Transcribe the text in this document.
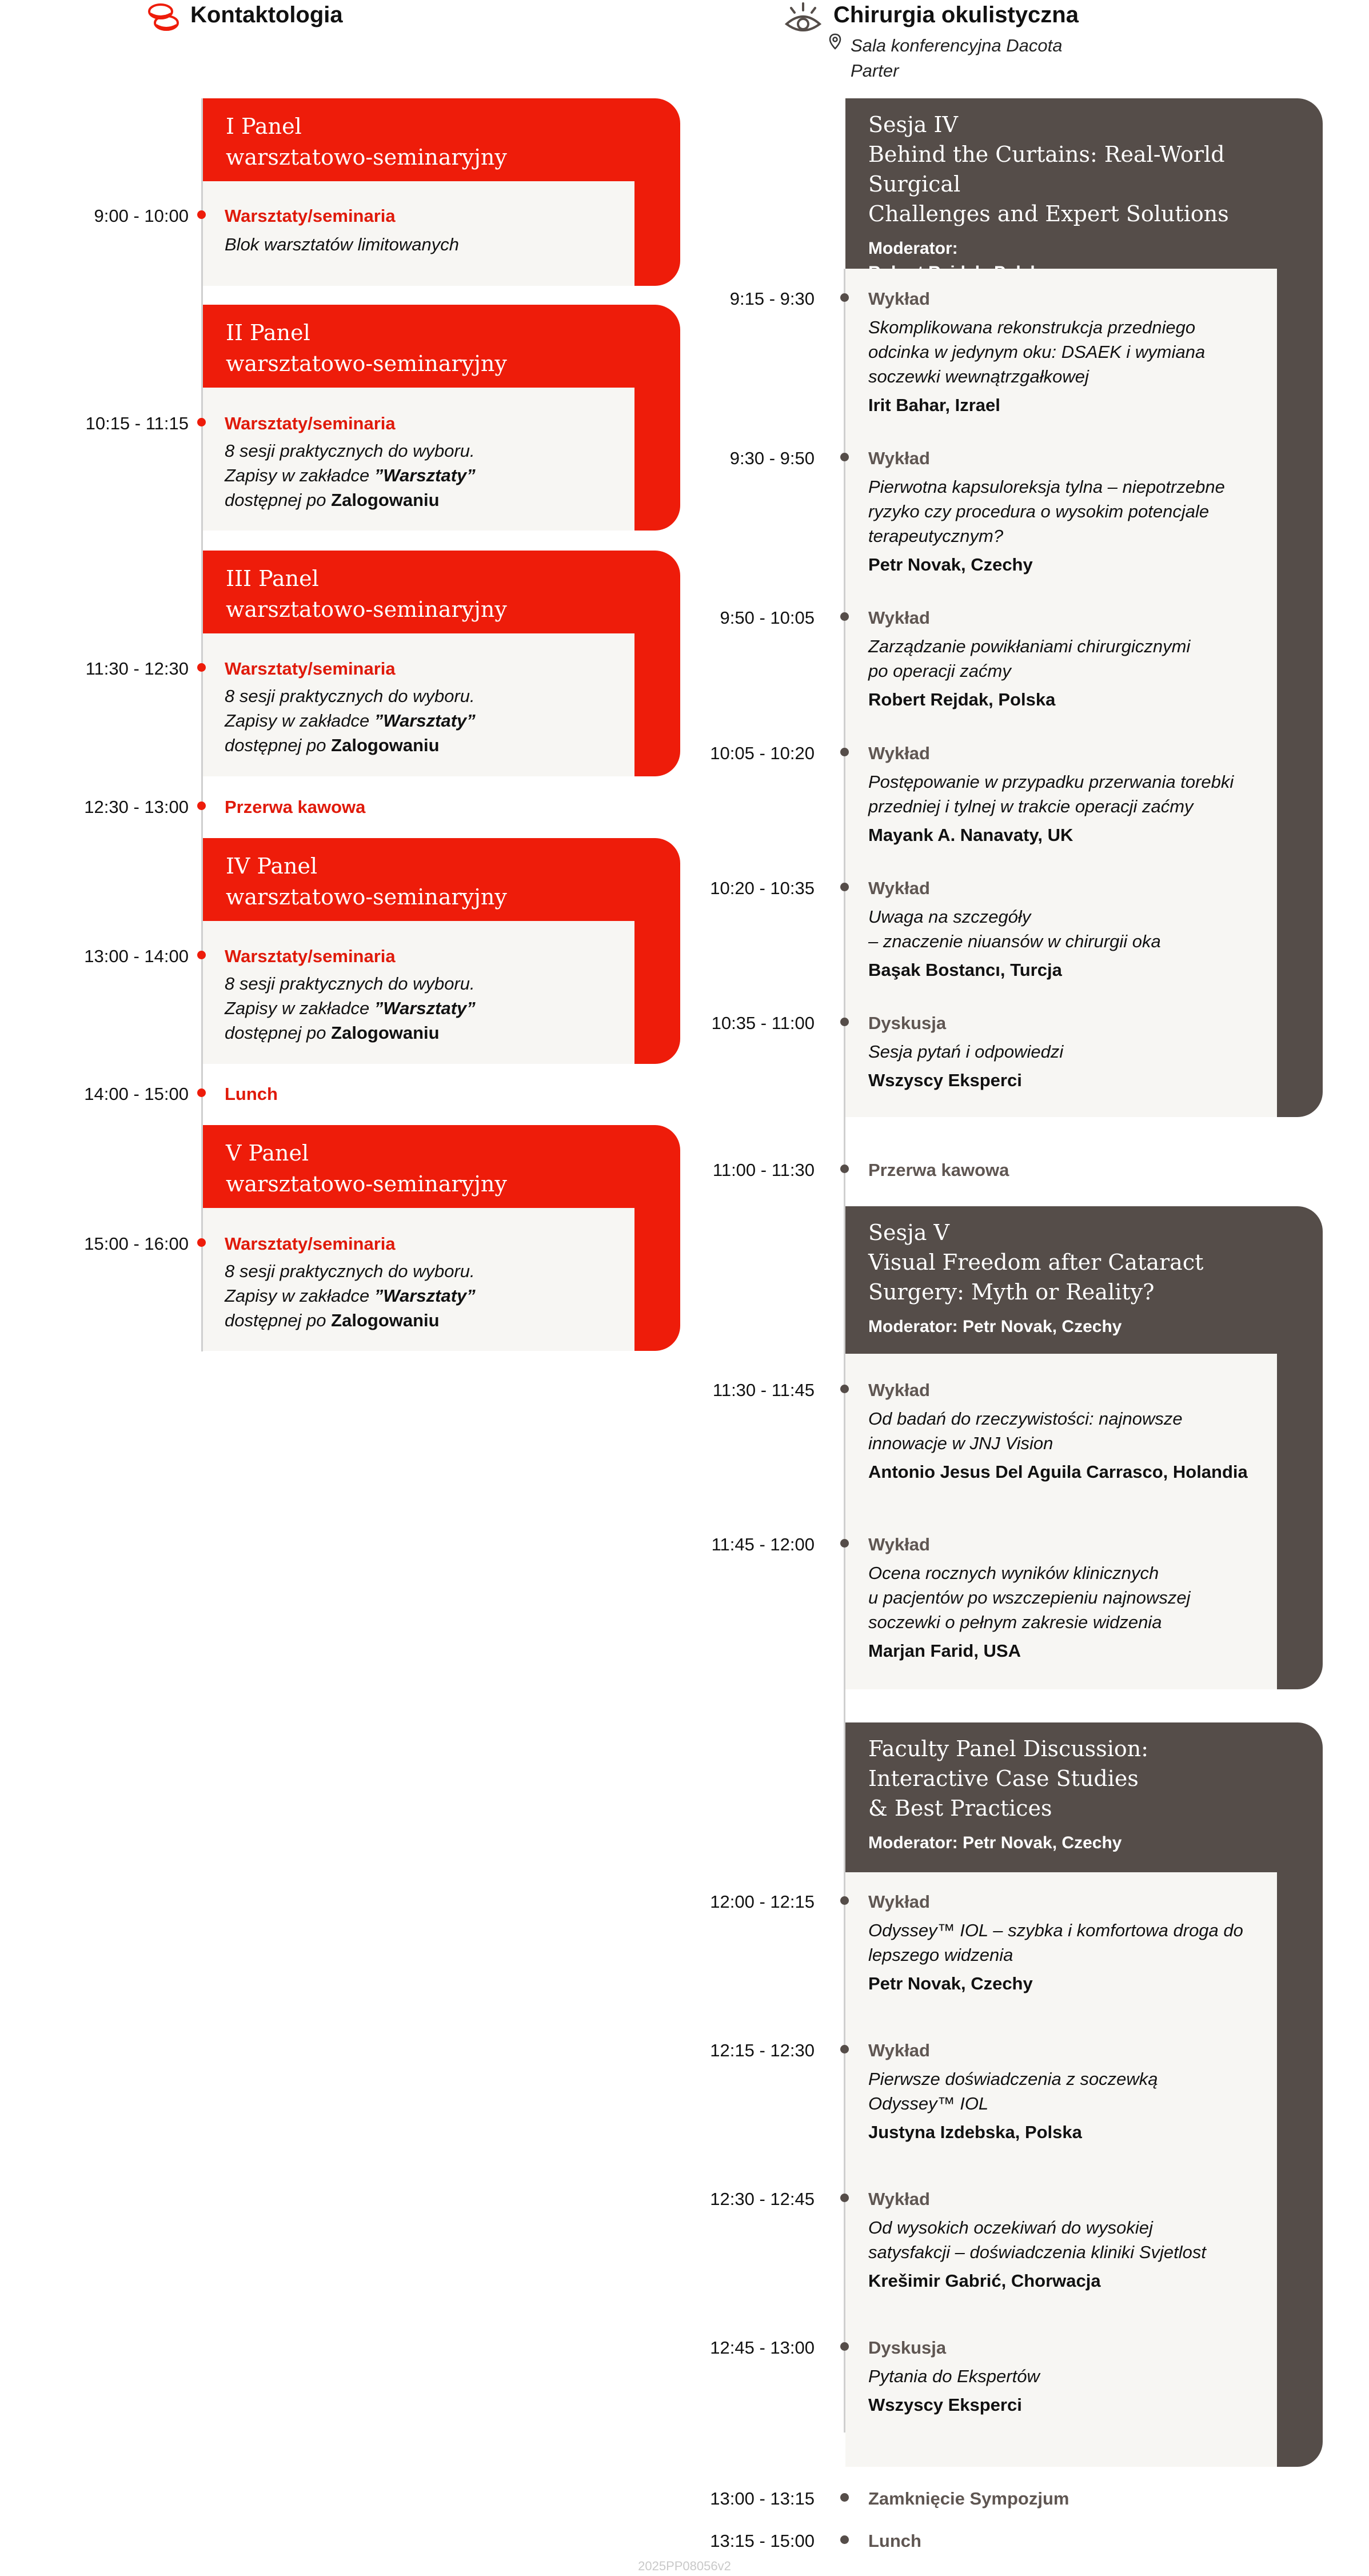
Kontaktologia	Chirurgia okulistyczna
Sala konferencyjna Dacota
Parter
I Panel
warsztatowo-seminaryjny
9:00 - 10:00 Warsztaty/seminaria
Blok warsztatów limitowanych
II Panel
warsztatowo-seminaryjny
10:15 - 11:15 Warsztaty/seminaria
8 sesji praktycznych do wyboru.
Zapisy w zakładce ”Warsztaty”
dostępnej po Zalogowaniu
III Panel
warsztatowo-seminaryjny
11:30 - 12:30 Warsztaty/seminaria
8 sesji praktycznych do wyboru.
Zapisy w zakładce ”Warsztaty”
dostępnej po Zalogowaniu
12:30 - 13:00 Przerwa kawowa
IV Panel
warsztatowo-seminaryjny
13:00 - 14:00 Warsztaty/seminaria
8 sesji praktycznych do wyboru.
Zapisy w zakładce ”Warsztaty”
dostępnej po Zalogowaniu
14:00 - 15:00 Lunch
V Panel
warsztatowo-seminaryjny
15:00 - 16:00 Warsztaty/seminaria
8 sesji praktycznych do wyboru.
Zapisy w zakładce ”Warsztaty”
dostępnej po Zalogowaniu
Sesja IV
Behind the Curtains: Real-World Surgical
Challenges and Expert Solutions
Moderator:
9:15 - 9:30	Wykład
Skomplikowana rekonstrukcja przedniego
odcinka w jedynym oku: DSAEK i wymiana
soczewki wewnątrzgałkowej
Irit Bahar, Izrael
9:30 - 9:50	Wykład
Pierwotna kapsuloreksja tylna – niepotrzebne
ryzyko czy procedura o wysokim potencjale
terapeutycznym?
Petr Novak, Czechy
9:50 - 10:05	Wykład
Zarządzanie powikłaniami chirurgicznymi
po operacji zaćmy
Robert Rejdak, Polska
10:05 - 10:20	Wykład
Postępowanie w przypadku przerwania torebki
przedniej i tylnej w trakcie operacji zaćmy
Mayank A. Nanavaty, UK
10:20 - 10:35	Wykład
Uwaga na szczegóły
– znaczenie niuansów w chirurgii oka
Başak Bostancı, Turcja
10:35 - 11:00	Dyskusja
Sesja pytań i odpowiedzi
Wszyscy Eksperci
11:00 - 11:30	Przerwa kawowa
Sesja V
Visual Freedom after Cataract
Surgery: Myth or Reality?
Moderator: Petr Novak, Czechy
11:30 - 11:45	Wykład
Od badań do rzeczywistości: najnowsze
innowacje w JNJ Vision
Antonio Jesus Del Aguila Carrasco, Holandia
11:45 - 12:00	Wykład
Ocena rocznych wyników klinicznych
u pacjentów po wszczepieniu najnowszej
soczewki o pełnym zakresie widzenia
Marjan Farid, USA
Faculty Panel Discussion:
Interactive Case Studies
& Best Practices
Moderator: Petr Novak, Czechy
12:00 - 12:15	Wykład
Odyssey™ IOL – szybka i komfortowa droga do
lepszego widzenia
Petr Novak, Czechy
12:15 - 12:30	Wykład
Pierwsze doświadczenia z soczewką
Odyssey™ IOL
Justyna Izdebska, Polska
12:30 - 12:45	Wykład
Od wysokich oczekiwań do wysokiej
satysfakcji – doświadczenia kliniki Svjetlost
Krešimir Gabrić, Chorwacja
12:45 - 13:00	Dyskusja
Pytania do Ekspertów
Wszyscy Eksperci
13:00 - 13:15	Zamknięcie Sympozjum
13:15 - 15:00	Lunch
2025PP08056v2
